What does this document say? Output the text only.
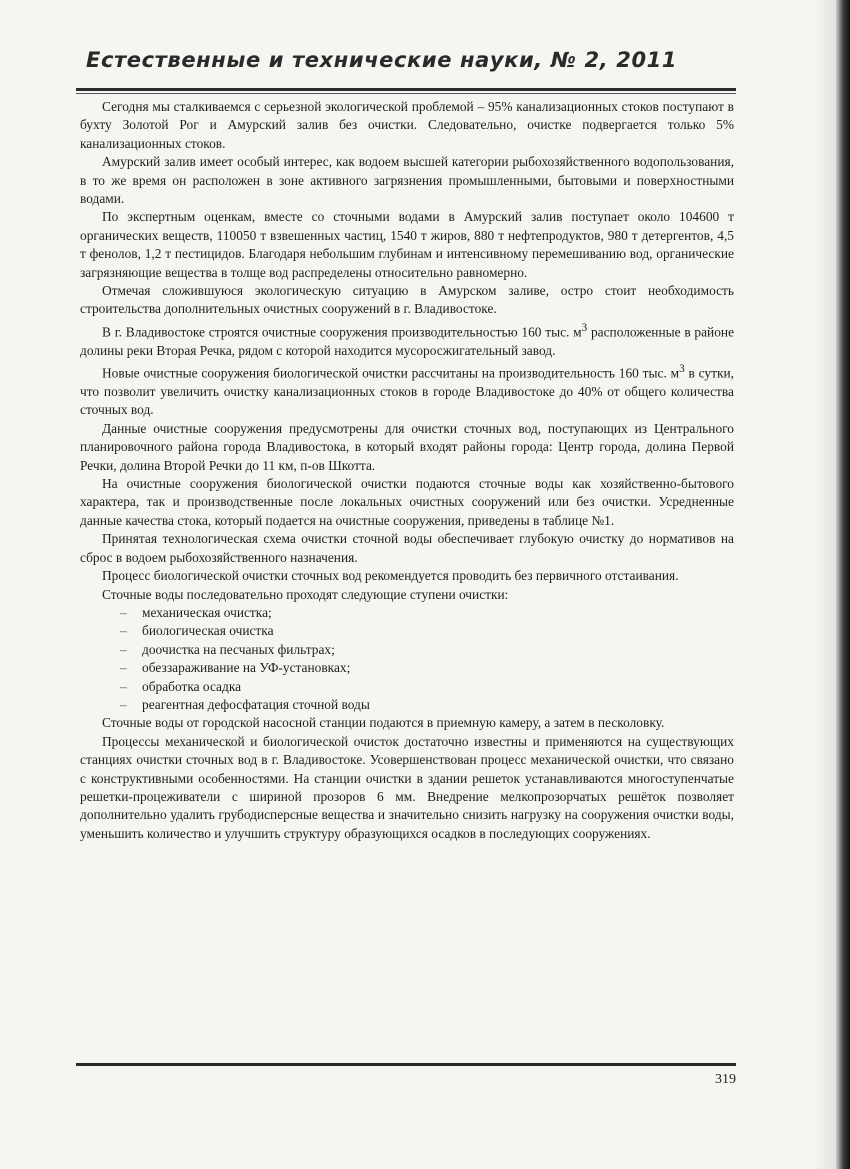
Естественные и технические науки, № 2, 2011

Сегодня мы сталкиваемся с серьезной экологической проблемой – 95% канализационных стоков поступают в бухту Золотой Рог и Амурский залив без очистки. Следовательно, очистке подвергается только 5% канализационных стоков.

Амурский залив имеет особый интерес, как водоем высшей категории рыбохозяйственного водопользования, в то же время он расположен в зоне активного загрязнения промышленными, бытовыми и поверхностными водами.

По экспертным оценкам, вместе со сточными водами в Амурский залив поступает около 104600 т органических веществ, 110050 т взвешенных частиц, 1540 т жиров, 880 т нефтепродуктов, 980 т детергентов, 4,5 т фенолов, 1,2 т пестицидов. Благодаря небольшим глубинам и интенсивному перемешиванию вод, органические загрязняющие вещества в толще вод распределены относительно равномерно.

Отмечая сложившуюся экологическую ситуацию в Амурском заливе, остро стоит необходимость строительства дополнительных очистных сооружений в г. Владивостоке.

В г. Владивостоке строятся очистные сооружения производительностью 160 тыс. $м^3$ расположенные в районе долины реки Вторая Речка, рядом с которой находится мусоросжигательный завод.

Новые очистные сооружения биологической очистки рассчитаны на производительность 160 тыс. $м^3$ в сутки, что позволит увеличить очистку канализационных стоков в городе Владивостоке до 40% от общего количества сточных вод.

Данные очистные сооружения предусмотрены для очистки сточных вод, поступающих из Центрального планировочного района города Владивостока, в который входят районы города: Центр города, долина Первой Речки, долина Второй Речки до 11 км, п-ов Шкотта.

На очистные сооружения биологической очистки подаются сточные воды как хозяйственно-бытового характера, так и производственные после локальных очистных сооружений или без очистки. Усредненные данные качества стока, который подается на очистные сооружения, приведены в таблице №1.

Принятая технологическая схема очистки сточной воды обеспечивает глубокую очистку до нормативов на сброс в водоем рыбохозяйственного назначения.

Процесс биологической очистки сточных вод рекомендуется проводить без первичного отстаивания.

Сточные воды последовательно проходят следующие ступени очистки:

– механическая очистка;
– биологическая очистка
– доочистка на песчаных фильтрах;
– обеззараживание на УФ-установках;
– обработка осадка
– реагентная дефосфатация сточной воды

Сточные воды от городской насосной станции подаются в приемную камеру, а затем в песколовку.

Процессы механической и биологической очисток достаточно известны и применяются на существующих станциях очистки сточных вод в г. Владивостоке. Усовершенствован процесс механической очистки, что связано с конструктивными особенностями. На станции очистки в здании решеток устанавливаются многоступенчатые решетки-процеживатели с шириной прозоров 6 мм. Внедрение мелкопрозорчатых решёток позволяет дополнительно удалить грубодисперсные вещества и значительно снизить нагрузку на сооружения очистки воды, уменьшить количество и улучшить структуру образующихся осадков в последующих сооружениях.

319
